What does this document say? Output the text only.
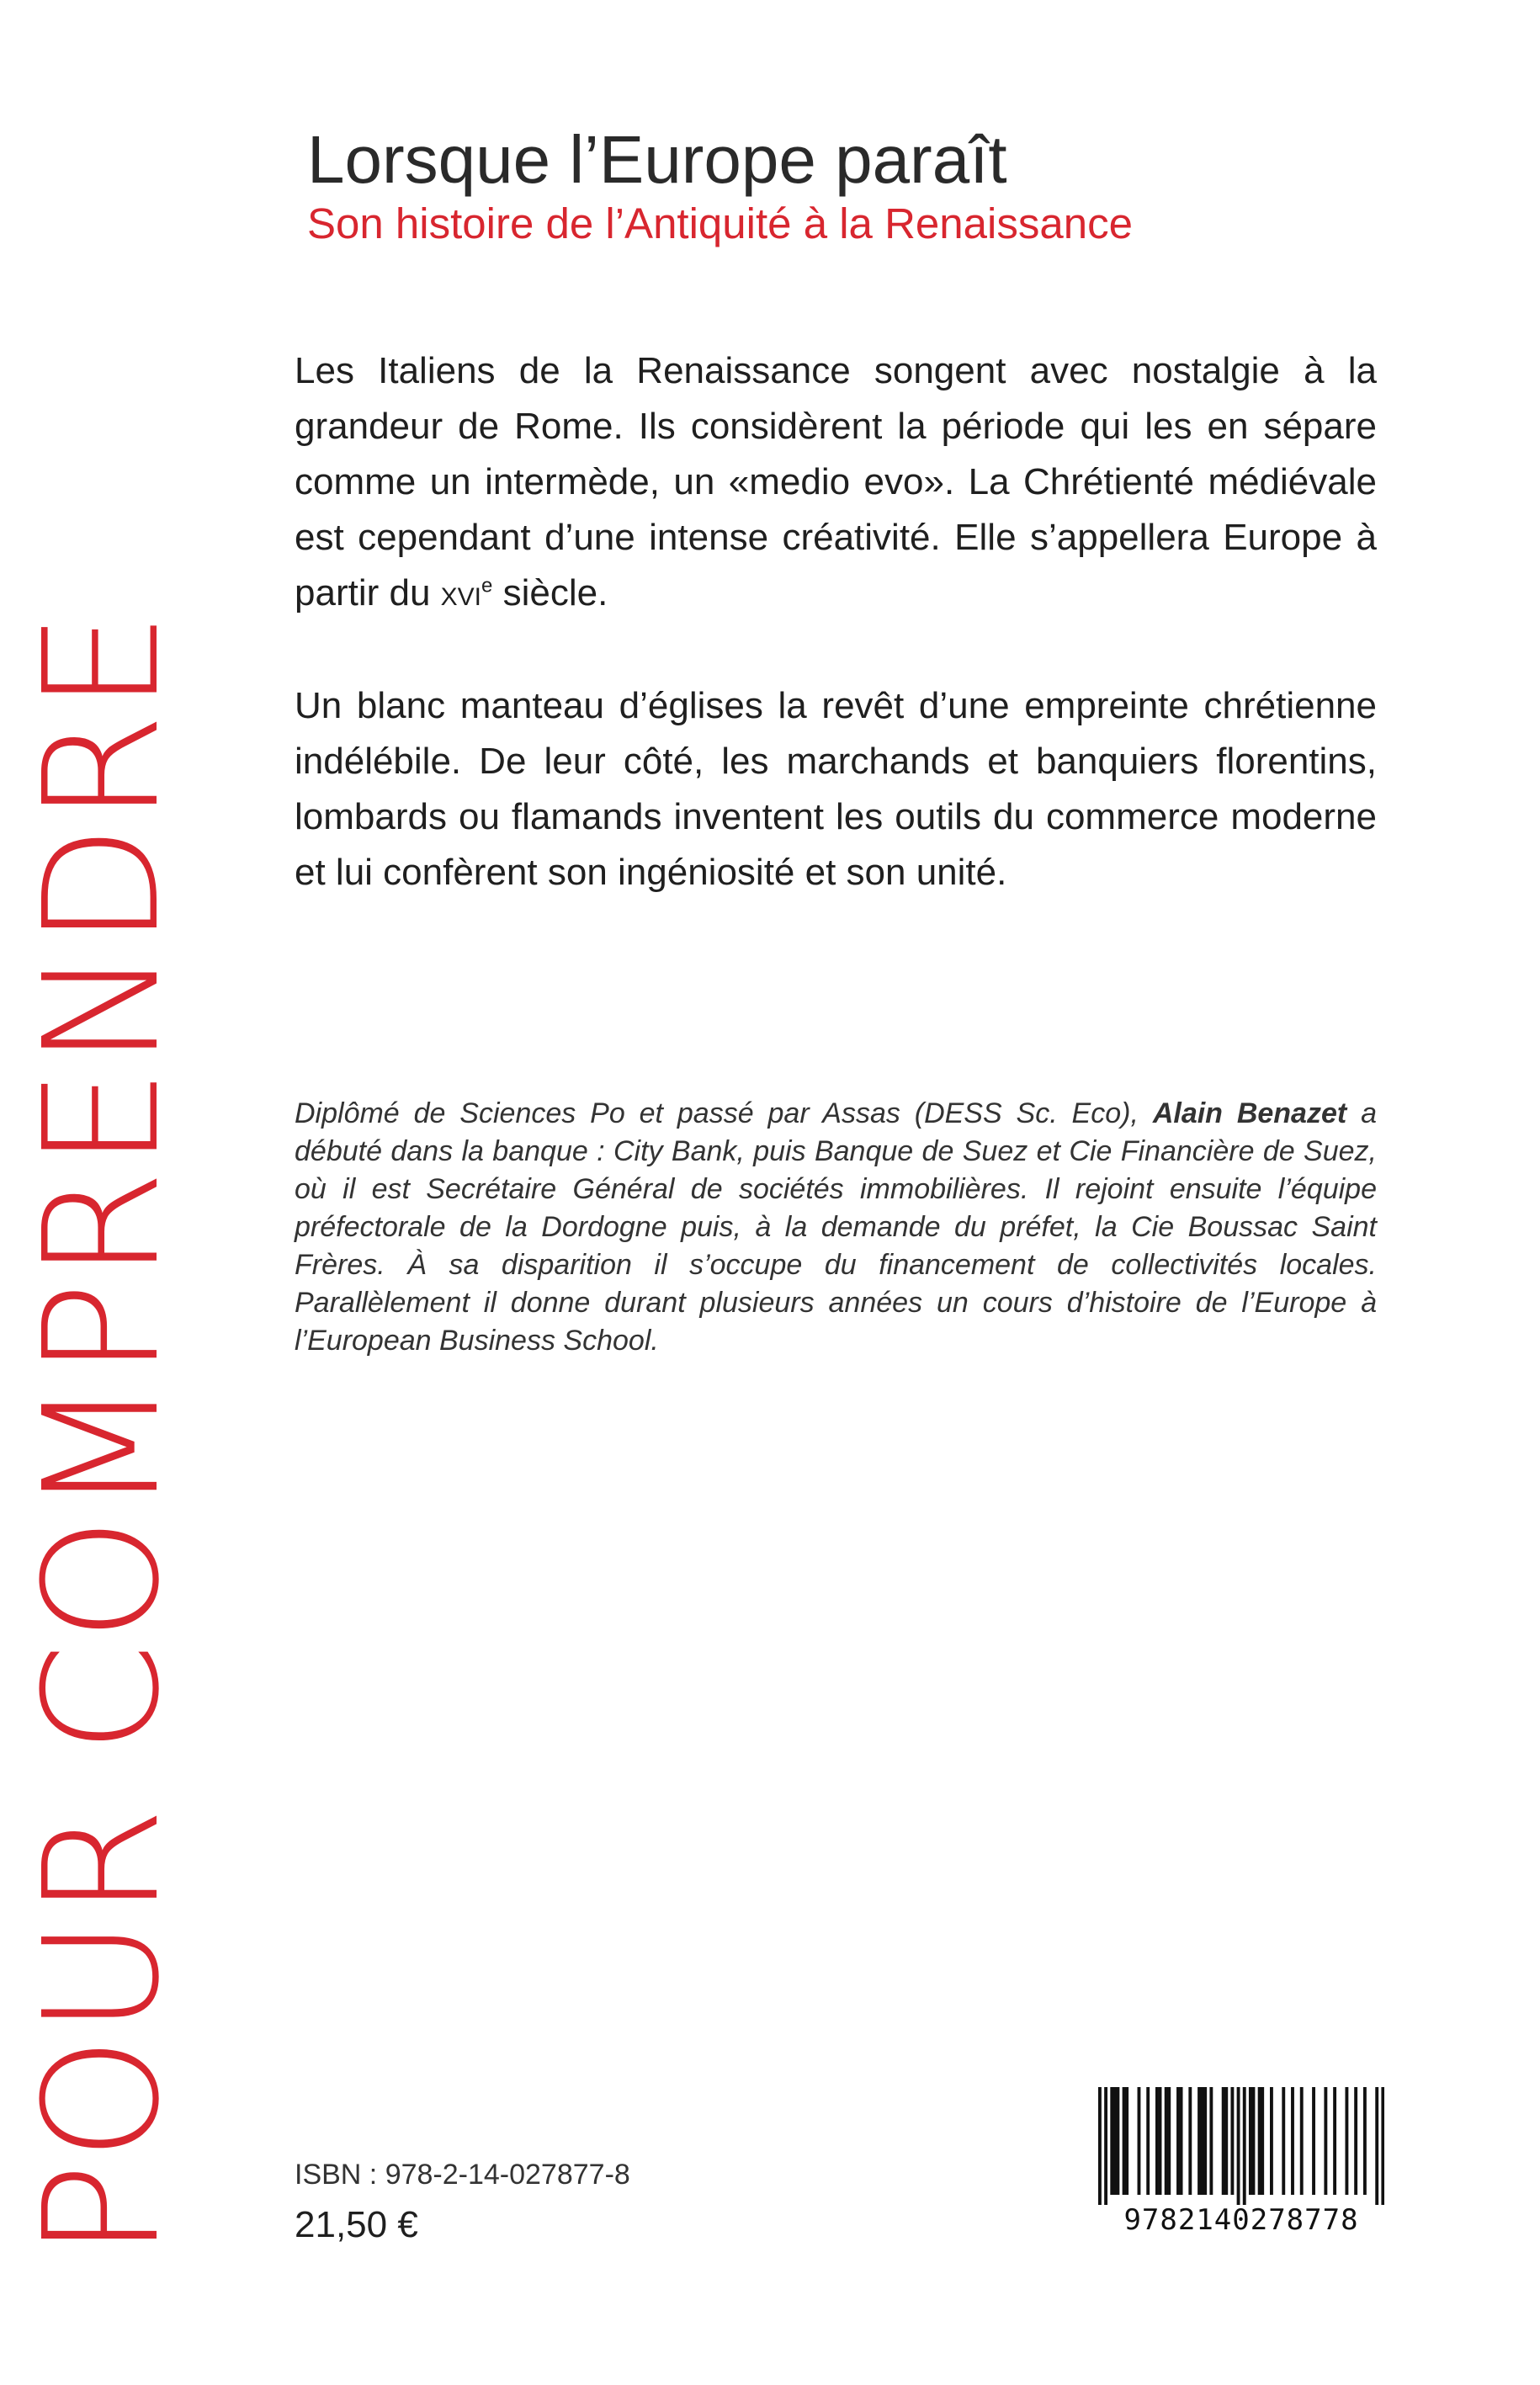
POUR COMPRENDRE
Lorsque l’Europe paraît
Son histoire de l’Antiquité à la Renaissance
Les Italiens de la Renaissance songent avec nostalgie à la grandeur de Rome. Ils considèrent la période qui les en sépare comme un intermède, un «medio evo». La Chrétienté médiévale est cependant d’une intense créativité. Elle s’appellera Europe à partir du XVIe siècle.
Un blanc manteau d’églises la revêt d’une empreinte chrétienne indélébile. De leur côté, les marchands et banquiers florentins, lombards ou flamands inventent les outils du commerce moderne et lui confèrent son ingéniosité et son unité.
Diplômé de Sciences Po et passé par Assas (DESS Sc. Eco), Alain Benazet a débuté dans la banque : City Bank, puis Banque de Suez et Cie Financière de Suez, où il est Secrétaire Général de sociétés immobilières. Il rejoint ensuite l’équipe préfectorale de la Dordogne puis, à la demande du préfet, la Cie Boussac Saint Frères. À sa disparition il s’occupe du financement de collectivités locales. Parallèlement il donne durant plusieurs années un cours d’histoire de l’Europe à l’European Business School.
ISBN : 978-2-14-027877-8
21,50 €	9782140278778
